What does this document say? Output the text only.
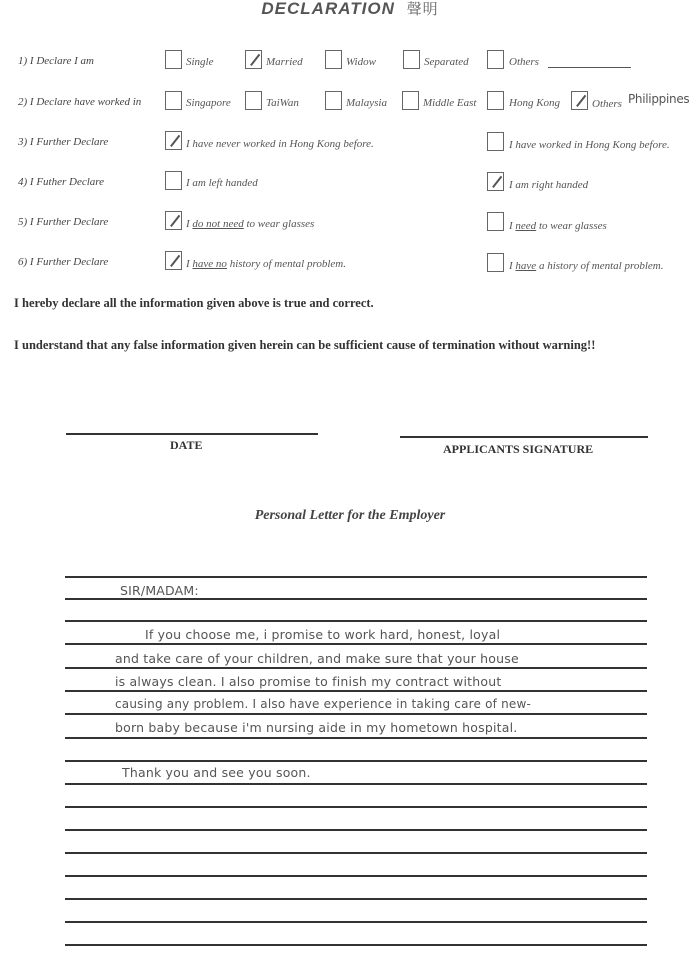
DECLARATION 聲明
1) I Declare I am	Single	Married	Widow	Separated	Others
2) I Declare have worked in	Singapore	TaiWan	Malaysia	Middle East	Hong Kong	Others Philippines
3) I Further Declare	I have never worked in Hong Kong before.	I have worked in Hong Kong before.
4) I Futher Declare	I am left handed	I am right handed
5) I Further Declare	I do not need to wear glasses	I need to wear glasses
6) I Further Declare	I have no history of mental problem.	I have a history of mental problem.
I hereby declare all the information given above is true and correct.
I understand that any false information given herein can be sufficient cause of termination without warning!!
DATE	APPLICANTS SIGNATURE
Personal Letter for the Employer
SIR/MADAM:
If you choose me, i promise to work hard, honest, loyal
and take care of your children, and make sure that your house
is always clean. I also promise to finish my contract without
causing any problem. I also have experience in taking care of new-
born baby because i'm nursing aide in my hometown hospital.
Thank you and see you soon.
